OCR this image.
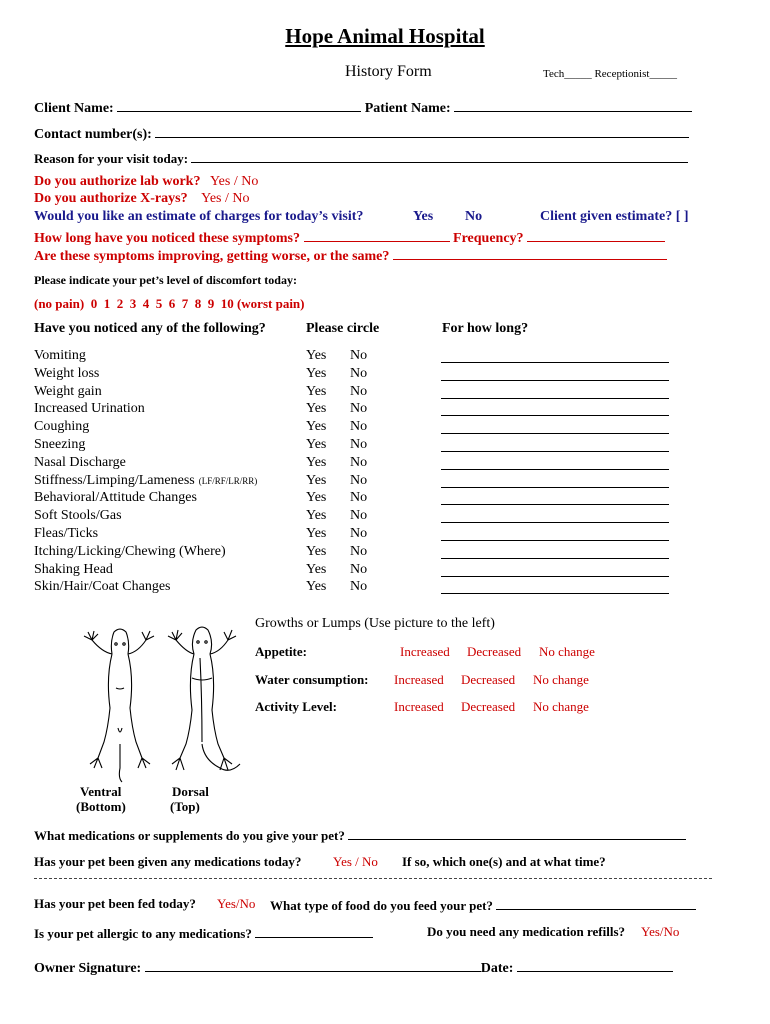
Hope Animal Hospital
History Form	Tech_____ Receptionist_____
Client Name:	Patient Name:
Contact number(s):
Reason for your visit today:
Do you authorize lab work? Yes / No
Do you authorize X-rays? Yes / No
Would you like an estimate of charges for today’s visit?	Yes No	Client given estimate? [ ]
How long have you noticed these symptoms?	Frequency?
Are these symptoms improving, getting worse, or the same?
Please indicate your pet’s level of discomfort today:
(no pain)  0  1  2  3  4  5  6  7  8  9  10 (worst pain)
Have you noticed any of the following?	Please circle	For how long?
Vomiting	Yes No
Weight loss	Yes No
Weight gain	Yes No
Increased Urination	Yes No
Coughing	Yes No
Sneezing	Yes No
Nasal Discharge	Yes No
Stiffness/Limping/Lameness (LF/RF/LR/RR)	Yes No
Behavioral/Attitude Changes	Yes No
Soft Stools/Gas	Yes No
Fleas/Ticks	Yes No
Itching/Licking/Chewing (Where)	Yes No
Shaking Head	Yes No
Skin/Hair/Coat Changes	Yes No
Ventral
(Bottom)
Dorsal
(Top)
Growths or Lumps (Use picture to the left)
Appetite:	Increased Decreased No change
Water consumption: Increased Decreased No change
Activity Level:	Increased Decreased No change
What medications or supplements do you give your pet?
Has your pet been given any medications today? Yes / No If so, which one(s) and at what time?
Has your pet been fed today? Yes/No What type of food do you feed your pet?
Is your pet allergic to any medications?	Do you need any medication refills? Yes/No
Owner Signature:	Date:
